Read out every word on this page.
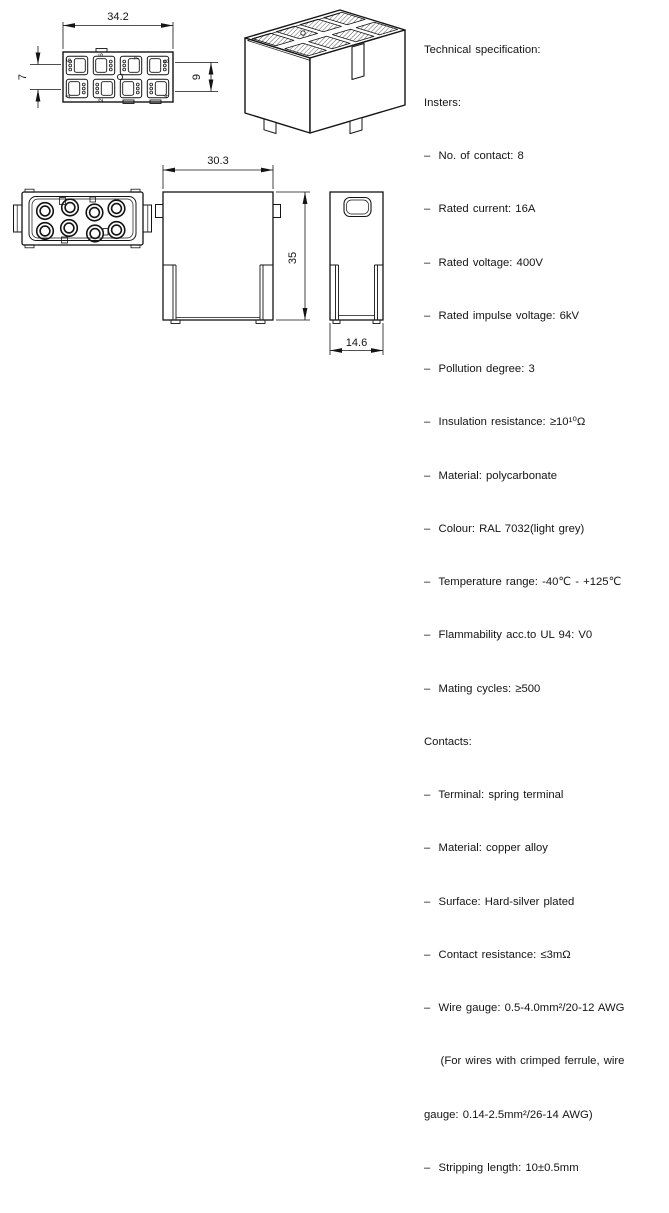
5
6
7
8
1
2
4
34.2
7	9
30.3
35
14.6

Technical specification:

Insters:

–  No. of contact: 8

–  Rated current: 16A

–  Rated voltage: 400V

–  Rated impulse voltage: 6kV

–  Pollution degree: 3

–  Insulation resistance: ≥10¹⁰Ω

–  Material: polycarbonate

–  Colour: RAL 7032(light grey)

–  Temperature range: -40℃ - +125℃

–  Flammability acc.to UL 94: V0

–  Mating cycles: ≥500

Contacts:

–  Terminal: spring terminal

–  Material: copper alloy

–  Surface: Hard-silver plated

–  Contact resistance: ≤3mΩ

–  Wire gauge: 0.5-4.0mm²/20-12 AWG

(For wires with crimped ferrule, wire

gauge: 0.14-2.5mm²/26-14 AWG)

–  Stripping length: 10±0.5mm
